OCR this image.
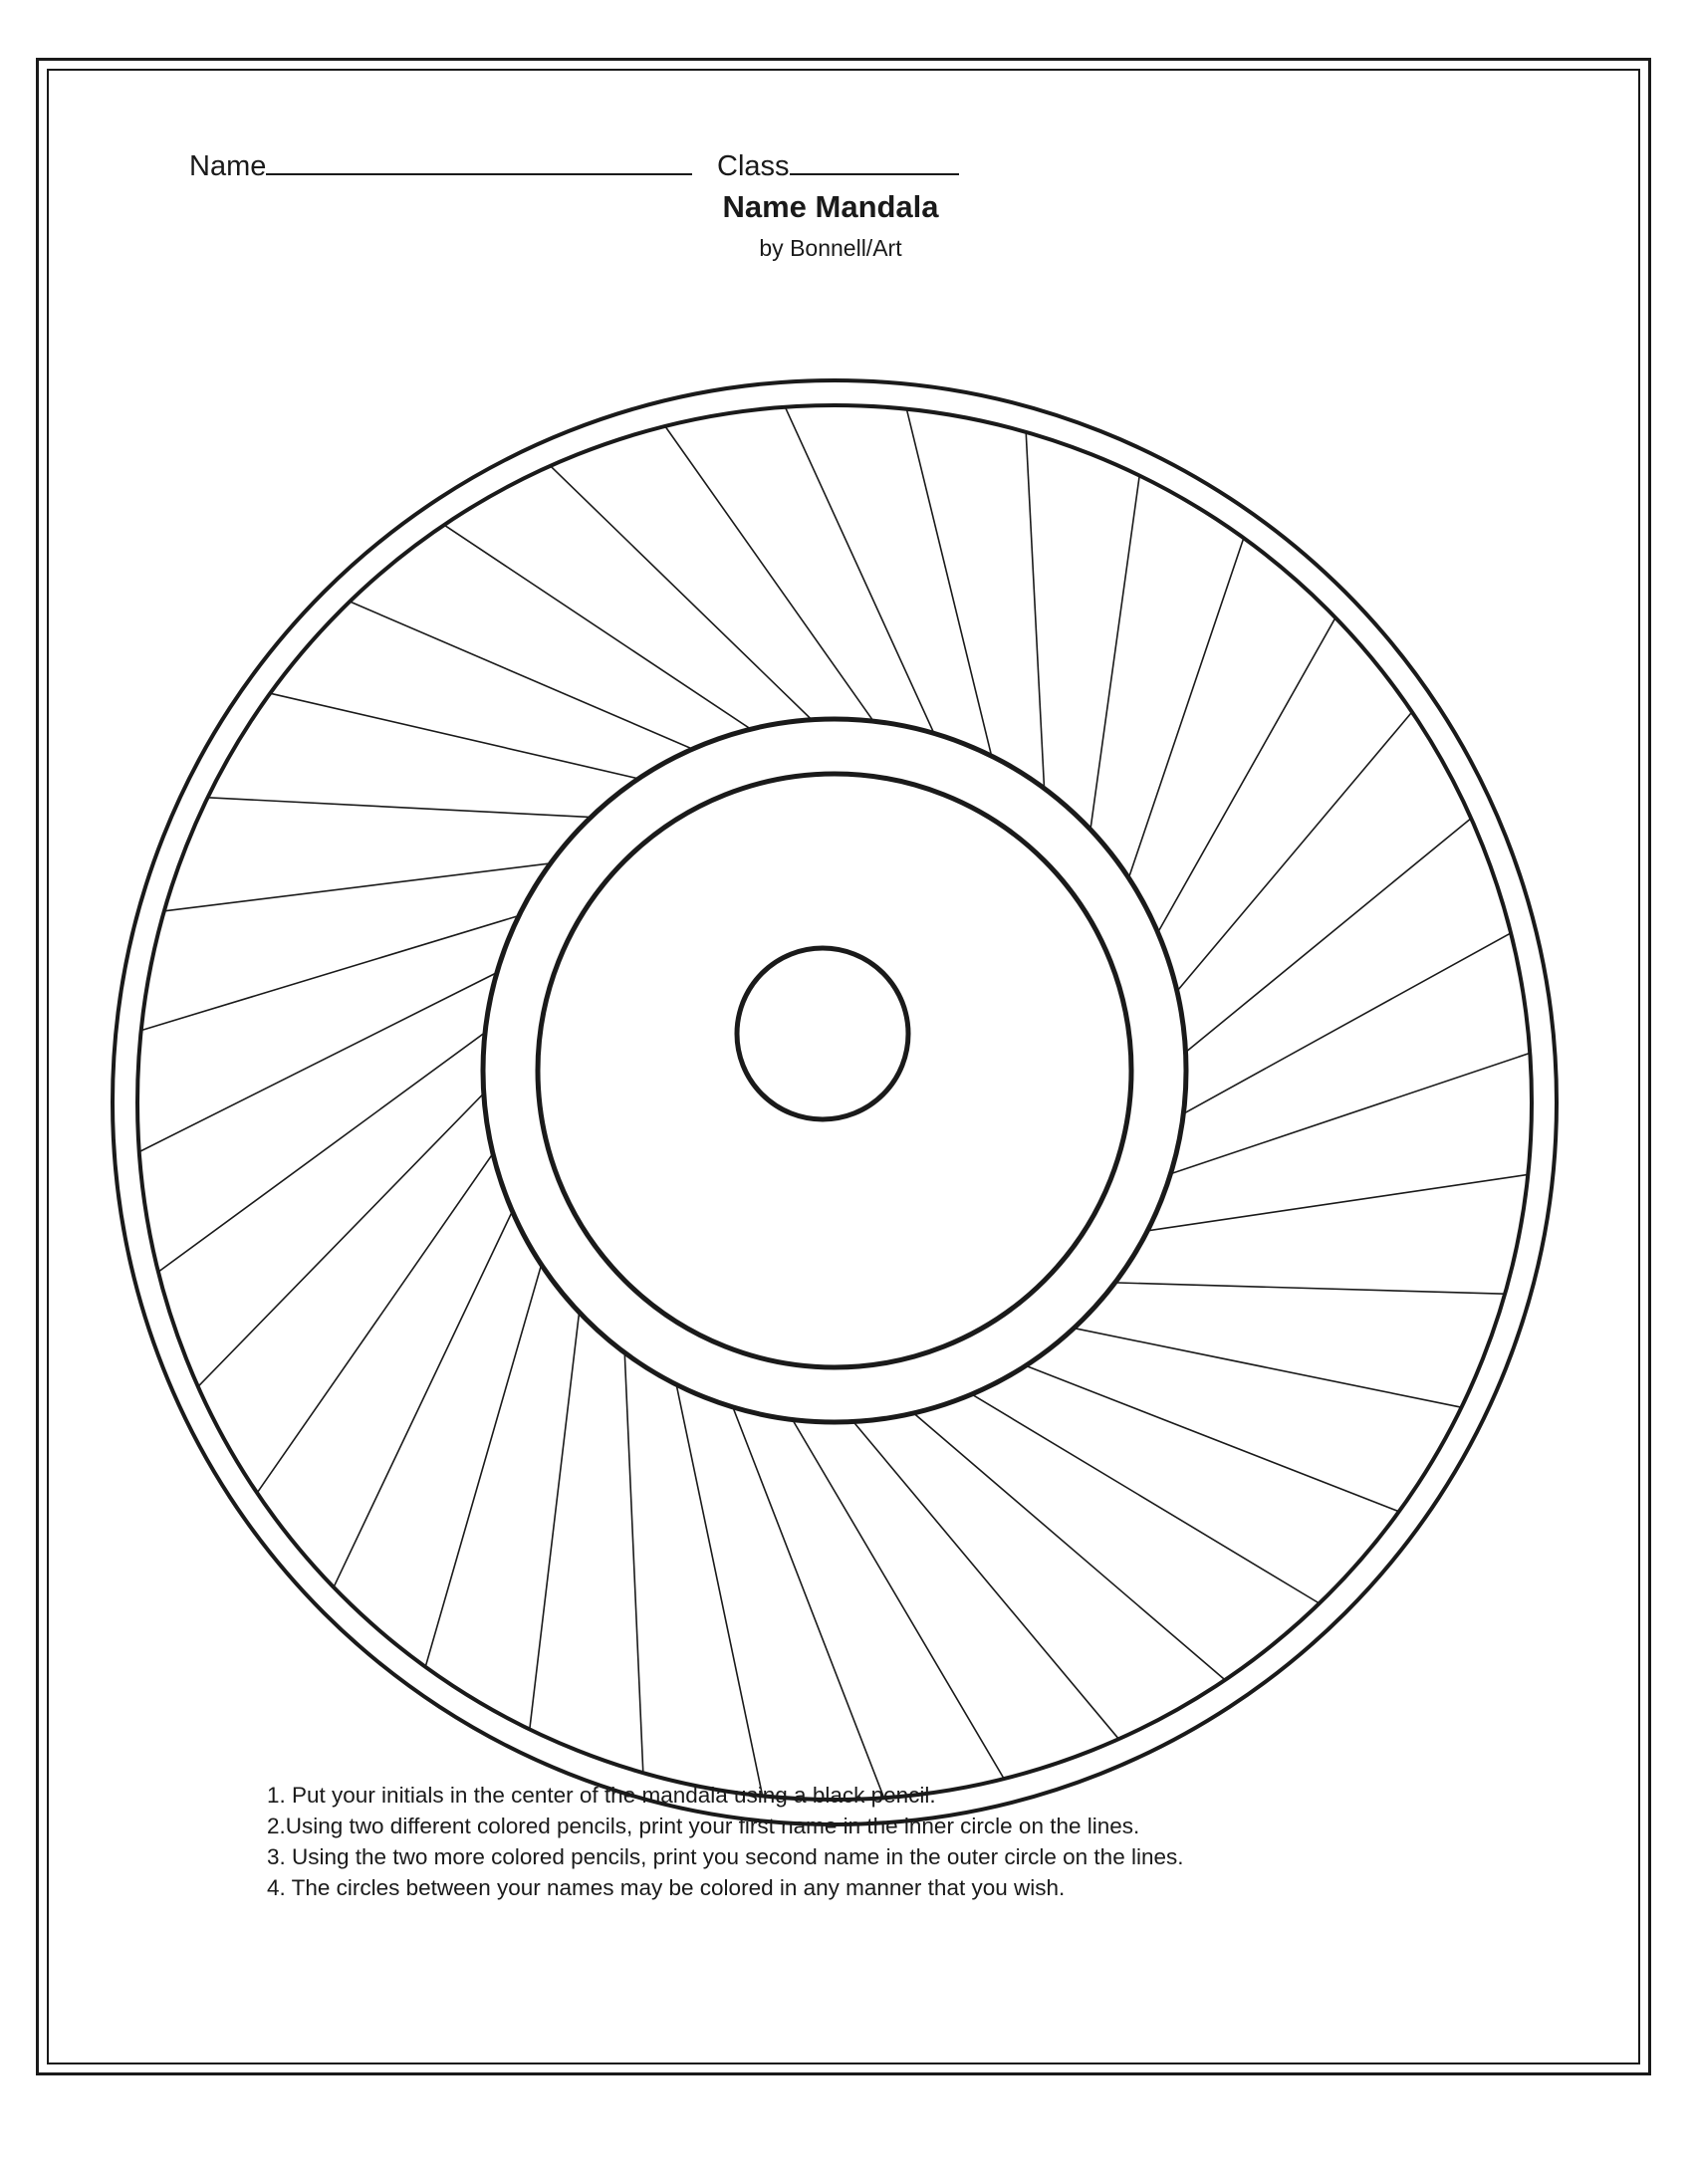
Name	Class
Name Mandala
by Bonnell/Art
1. Put your initials in the center of the mandala using a black pencil.
2.Using two different colored pencils, print your first name in the inner circle on the lines.
3. Using the two more colored pencils, print you second name in the outer circle on the lines.
4. The circles between your names may be colored in any manner that you wish.
